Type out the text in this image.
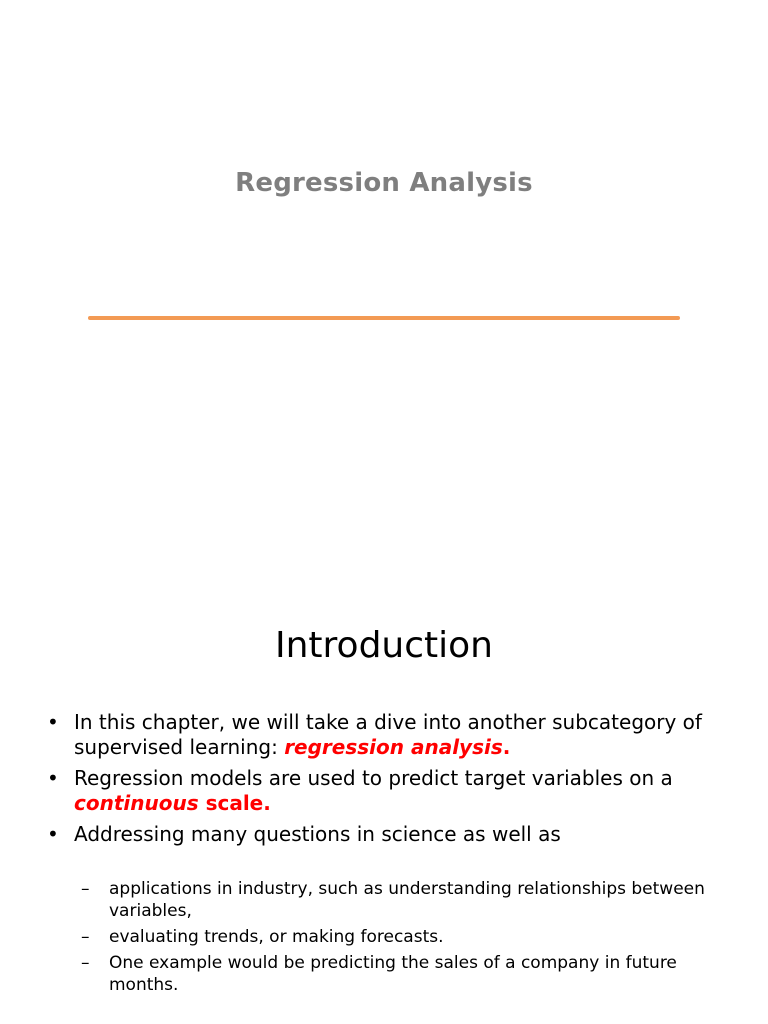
Regression Analysis
Introduction
• In this chapter, we will take a dive into another subcategory of supervised learning: regression analysis.
• Regression models are used to predict target variables on a continuous scale.
• Addressing many questions in science as well as
– applications in industry, such as understanding relationships between variables,
– evaluating trends, or making forecasts.
– One example would be predicting the sales of a company in future months.
